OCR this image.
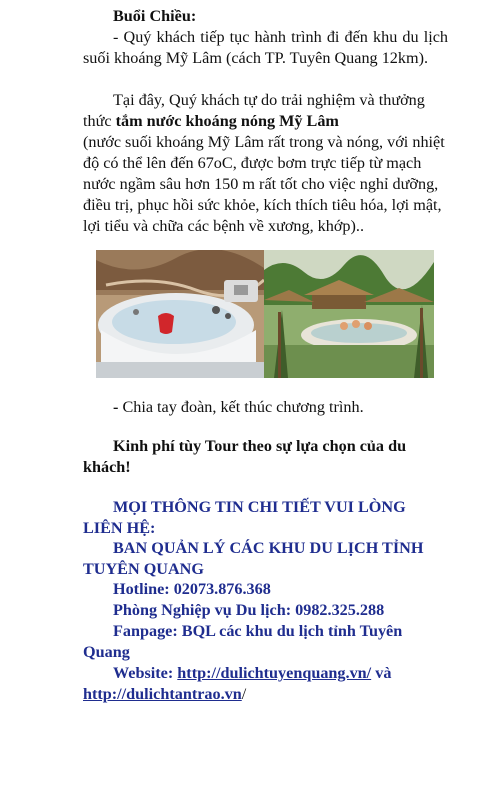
Buổi Chiều:

- Quý khách tiếp tục hành trình đi đến khu du lịch suối khoáng Mỹ Lâm (cách TP. Tuyên Quang 12km).

Tại đây, Quý khách tự do trải nghiệm và thưởng thức tắm nước khoáng nóng Mỹ Lâm

(nước suối khoáng Mỹ Lâm rất trong và nóng, với nhiệt độ có thể lên đến 67oC, được bơm trực tiếp từ mạch nước ngầm sâu hơn 150 m rất tốt cho việc nghỉ dưỡng, điều trị, phục hồi sức khỏe, kích thích tiêu hóa, lợi mật, lợi tiểu và chữa các bệnh về xương, khớp)..

- Chia tay đoàn, kết thúc chương trình.

Kinh phí tùy Tour theo sự lựa chọn của du khách!

MỌI THÔNG TIN CHI TIẾT VUI LÒNG LIÊN HỆ:

BAN QUẢN LÝ CÁC KHU DU LỊCH TỈNH TUYÊN QUANG

Hotline: 02073.876.368

Phòng Nghiệp vụ Du lịch: 0982.325.288

Fanpage: BQL các khu du lịch tỉnh Tuyên Quang

Website: http://dulichtuyenquang.vn/ và
http://dulichtantrao.vn/
